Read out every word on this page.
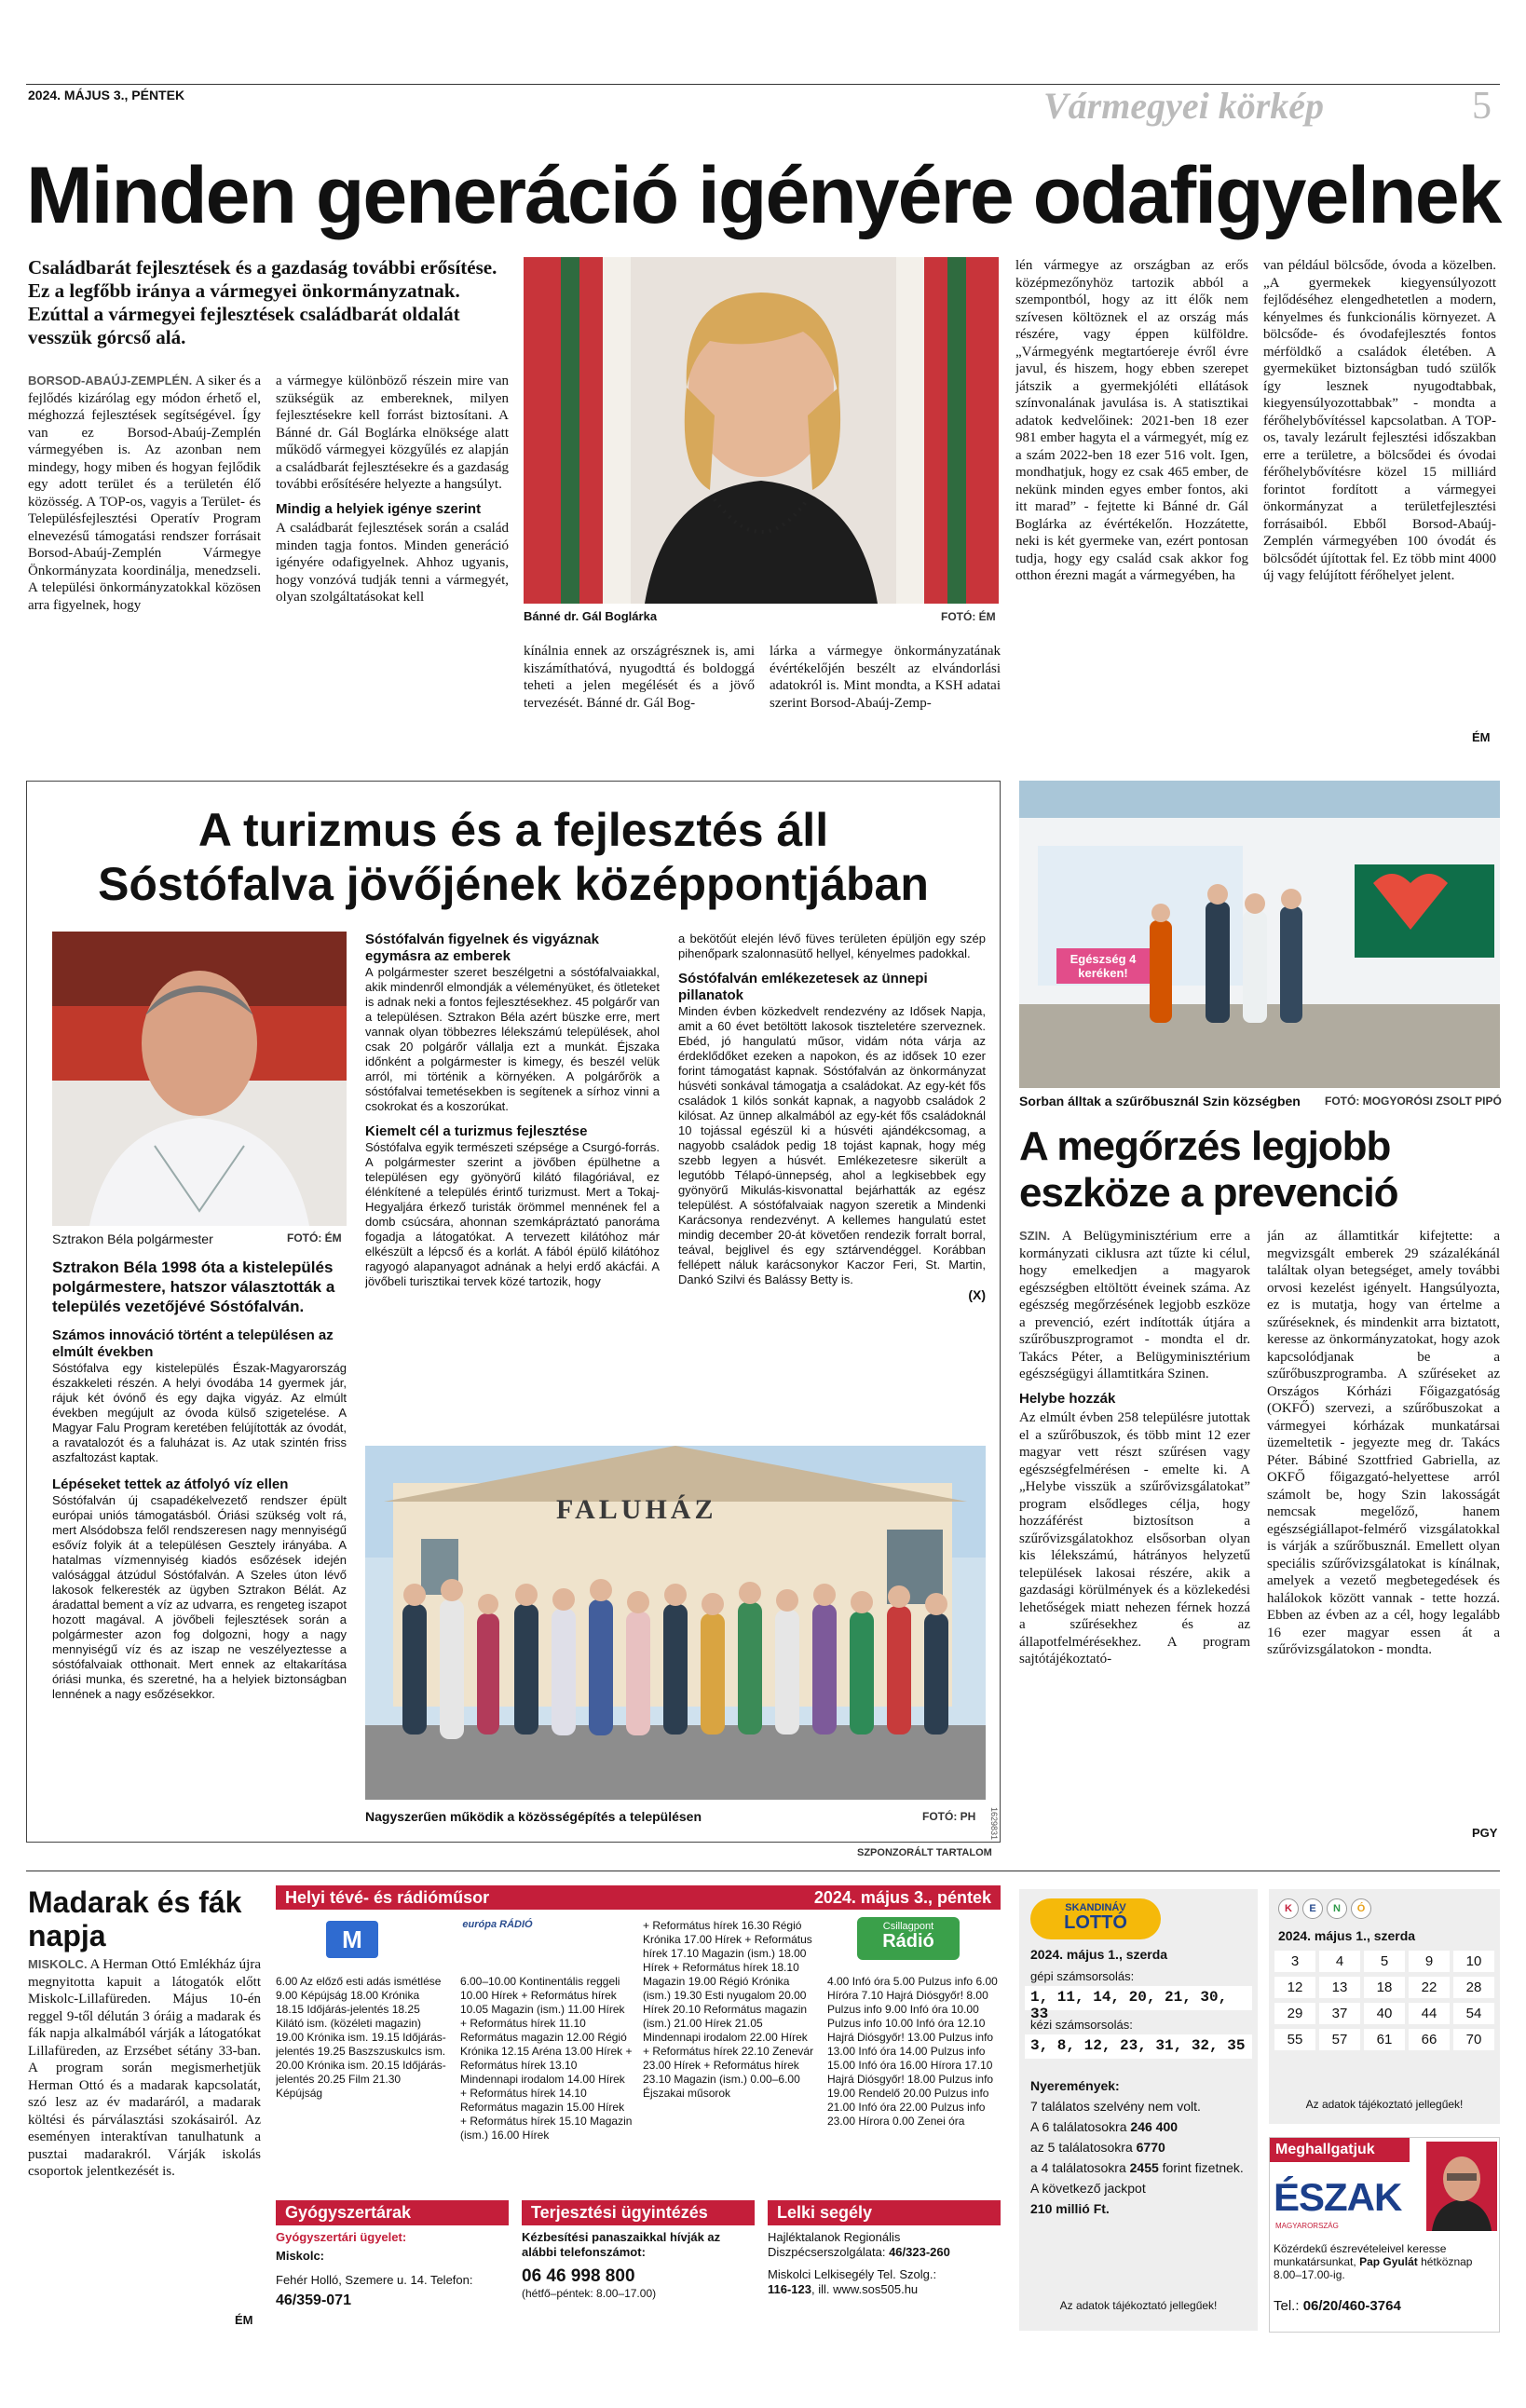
2024. MÁJUS 3., PÉNTEK	Vármegyei körkép	5
Minden generáció igényére odafigyelnek
Családbarát fejlesztések és a gazdaság további erősítése. Ez a legfőbb iránya a vármegyei önkormányzatnak. Ezúttal a vármegyei fejlesztések családbarát oldalát vesszük górcső alá.
BORSOD-ABAÚJ-ZEMPLÉN. A siker és a fejlődés kizárólag egy módon érhető el, méghozzá fejlesztések segítségével. Így van ez Borsod-Abaúj-Zemplén vármegyében is. Az azonban nem mindegy, hogy miben és hogyan fejlődik egy adott terület és a területén élő közösség. A TOP-os, vagyis a Terület- és Településfejlesztési Operatív Program elnevezésű támogatási rendszer forrásait Borsod-Abaúj-Zemplén Vármegye Önkormányzata koordinálja, menedzseli. A települési önkormányzatokkal közösen arra figyelnek, hogy
a vármegye különböző részein mire van szükségük az embereknek, milyen fejlesztésekre kell forrást biztosítani. A Bánné dr. Gál Boglárka elnöksége alatt működő vármegyei közgyűlés ez alapján a családbarát fejlesztésekre és a gazdaság további erősítésére helyezte a hangsúlyt.
Mindig a helyiek igénye szerint
A családbarát fejlesztések során a család minden tagja fontos. Minden generáció igényére odafigyelnek. Ahhoz ugyanis, hogy vonzóvá tudják tenni a vármegyét, olyan szolgáltatásokat kell
Bánné dr. Gál Boglárka	FOTÓ: ÉM
kínálnia ennek az országrésznek is, ami kiszámíthatóvá, nyugodttá és boldoggá teheti a jelen megélését és a jövő tervezését. Bánné dr. Gál Bog-
lárka a vármegye önkormányzatának évértékelőjén beszélt az elvándorlási adatokról is. Mint mondta, a KSH adatai szerint Borsod-Abaúj-Zemp-
lén vármegye az országban az erős középmezőnyhöz tartozik abból a szempontból, hogy az itt élők nem szívesen költöznek el az ország más részére, vagy éppen külföldre. „Vármegyénk megtartóereje évről évre javul, és hiszem, hogy ebben szerepet játszik a gyermekjóléti ellátások színvonalának javulása is. A statisztikai adatok kedvelőinek: 2021-ben 18 ezer 981 ember hagyta el a vármegyét, míg ez a szám 2022-ben 18 ezer 516 volt. Igen, mondhatjuk, hogy ez csak 465 ember, de nekünk minden egyes ember fontos, aki itt marad” - fejtette ki Bánné dr. Gál Boglárka az évértékelőn. Hozzátette, neki is két gyermeke van, ezért pontosan tudja, hogy egy család csak akkor fog otthon érezni magát a vármegyében, ha
van például bölcsőde, óvoda a közelben. „A gyermekek kiegyensúlyozott fejlődéséhez elengedhetetlen a modern, kényelmes és funkcionális környezet. A bölcsőde- és óvodafejlesztés fontos mérföldkő a családok életében. A gyermeküket biztonságban tudó szülők így lesznek nyugodtabbak, kiegyensúlyozottabbak” - mondta a férőhelybővítéssel kapcsolatban. A TOP-os, tavaly lezárult fejlesztési időszakban erre a területre, a bölcsődei és óvodai férőhelybővítésre közel 15 milliárd forintot fordított a vármegyei önkormányzat a területfejlesztési forrásaiból. Ebből Borsod-Abaúj-Zemplén vármegyében 100 óvodát és bölcsődét újítottak fel. Ez több mint 4000 új vagy felújított férőhelyet jelent.
ÉM
A turizmus és a fejlesztés áll
Sóstófalva jövőjének középpontjában
Sztrakon Béla polgármester	FOTÓ: ÉM
Sztrakon Béla 1998 óta a kistelepülés polgármestere, hatszor választották a település vezetőjévé Sóstófalván.
Számos innováció történt a településen az elmúlt években
Sóstófalva egy kistelepülés Észak-Magyarország északkeleti részén. A helyi óvodába 14 gyermek jár, rájuk két óvónő és egy dajka vigyáz. Az elmúlt években megújult az óvoda külső szigetelése. A Magyar Falu Program keretében felújították az óvodát, a ravatalozót és a faluházat is. Az utak szintén friss aszfaltozást kaptak.
Lépéseket tettek az átfolyó víz ellen
Sóstófalván új csapadékelvezető rendszer épült európai uniós támogatásból. Óriási szükség volt rá, mert Alsódobsza felől rendszeresen nagy mennyiségű esővíz folyik át a településen Gesztely irányába. A hatalmas vízmennyiség kiadós esőzések idején valósággal átzúdul Sóstófalván. A Szeles úton lévő lakosok felkeresték az ügyben Sztrakon Bélát. Az áradattal bement a víz az udvarra, es rengeteg iszapot hozott magával. A jövőbeli fejlesztések során a polgármester azon fog dolgozni, hogy a nagy mennyiségű víz és az iszap ne veszélyeztesse a sóstófalvaiak otthonait. Mert ennek az eltakarítása óriási munka, és szeretné, ha a helyiek biztonságban lennének a nagy esőzésekkor.
Sóstófalván figyelnek és vigyáznak egymásra az emberek
A polgármester szeret beszélgetni a sóstófalvaiakkal, akik mindenről elmondják a véleményüket, és ötleteket is adnak neki a fontos fejlesztésekhez. 45 polgárőr van a településen. Sztrakon Béla azért büszke erre, mert vannak olyan többezres lélekszámú települések, ahol csak 20 polgárőr vállalja ezt a munkát. Éjszaka időnként a polgármester is kimegy, és beszél velük arról, mi történik a környéken. A polgárőrök a sóstófalvai temetésekben is segítenek a sírhoz vinni a csokrokat és a koszorúkat.
Kiemelt cél a turizmus fejlesztése
Sóstófalva egyik természeti szépsége a Csurgó-forrás. A polgármester szerint a jövőben épülhetne a településen egy gyönyörű kilátó filagóriával, ez élénkítené a település érintő turizmust. Mert a Tokaj-Hegyaljára érkező turisták örömmel mennének fel a domb csúcsára, ahonnan szemkápráztató panoráma fogadja a látogatókat. A tervezett kilátóhoz már elkészült a lépcső és a korlát. A fából épülő kilátóhoz ragyogó alapanyagot adnának a helyi erdő akácfái. A jövőbeli turisztikai tervek közé tartozik, hogy
a bekötőút elején lévő füves területen épüljön egy szép pihenőpark szalonnasütő hellyel, kényelmes padokkal.
Sóstófalván emlékezetesek az ünnepi pillanatok
Minden évben közkedvelt rendezvény az Idősek Napja, amit a 60 évet betöltött lakosok tiszteletére szerveznek. Ebéd, jó hangulatú műsor, vidám nóta várja az érdeklődőket ezeken a napokon, és az idősek 10 ezer forint támogatást kapnak. Sóstófalván az önkormányzat húsvéti sonkával támogatja a családokat. Az egy-két fős családok 1 kilós sonkát kapnak, a nagyobb családok 2 kilósat. Az ünnep alkalmából az egy-két fős családoknál 10 tojással egészül ki a húsvéti ajándékcsomag, a nagyobb családok pedig 18 tojást kapnak, hogy még szebb legyen a húsvét. Emlékezetesre sikerült a legutóbb Télapó-ünnepség, ahol a legkisebbek egy gyönyörű Mikulás-kisvonattal bejárhatták az egész települést. A sóstófalvaiak nagyon szeretik a Mindenki Karácsonya rendezvényt. A kellemes hangulatú estet mindig december 20-át követően rendezik forralt borral, teával, bejglivel és egy sztárvendéggel. Korábban fellépett náluk karácsonykor Kaczor Feri, St. Martin, Dankó Szilvi és Balássy Betty is.
(X)
FALUHÁZ
Nagyszerűen működik a közösségépítés a településen	FOTÓ: PH 1629831
SZPONZORÁLT TARTALOM
Egészség 4 kerékenǃ
Sorban álltak a szűrőbusznál Szin községben FOTÓ: MOGYORÓSI ZSOLT PIPÓ
A megőrzés legjobb
eszköze a prevenció
SZIN. A Belügyminisztérium erre a kormányzati ciklusra azt tűzte ki célul, hogy emelkedjen a magyarok egészségben eltöltött éveinek száma. Az egészség megőrzésének legjobb eszköze a prevenció, ezért indították útjára a szűrőbuszprogramot - mondta el dr. Takács Péter, a Belügyminisztérium egészségügyi államtitkára Szinen.
Helybe hozzák
Az elmúlt évben 258 településre jutottak el a szűrőbuszok, és több mint 12 ezer magyar vett részt szűrésen vagy egészségfelmérésen - emelte ki. A „Helybe visszük a szűrővizsgálatokat” program elsődleges célja, hogy hozzáférést biztosítson a szűrővizsgálatokhoz elsősorban olyan kis lélekszámú, hátrányos helyzetű települések lakosai részére, akik a gazdasági körülmények és a közlekedési lehetőségek miatt nehezen férnek hozzá a szűrésekhez és az állapotfelmérésekhez. A program sajtótájékoztató-
ján az államtitkár kifejtette: a megvizsgált emberek 29 százalékánál találtak olyan betegséget, amely további orvosi kezelést igényelt. Hangsúlyozta, ez is mutatja, hogy van értelme a szűréseknek, és mindenkit arra biztatott, keresse az önkormányzatokat, hogy azok kapcsolódjanak be a szűrőbuszprogramba. A szűréseket az Országos Kórházi Főigazgatóság (OKFŐ) szervezi, a szűrőbuszokat a vármegyei kórházak munkatársai üzemeltetik - jegyezte meg dr. Takács Péter. Bábiné Szottfried Gabriella, az OKFŐ főigazgató-helyettese arról számolt be, hogy Szin lakosságát nemcsak megelőző, hanem egészségiállapot-felmérő vizsgálatokkal is várják a szűrőbusznál. Emellett olyan speciális szűrővizsgálatokat is kínálnak, amelyek a vezető megbetegedések és halálokok között vannak - tette hozzá. Ebben az évben az a cél, hogy legalább 16 ezer magyar essen át a szűrővizsgálatokon - mondta.
PGY
Madarak és fák napja
MISKOLC. A Herman Ottó Emlékház újra megnyitotta kapuit a látogatók előtt Miskolc-Lillafüreden. Május 10-én reggel 9-től délután 3 óráig a madarak és fák napja alkalmából várják a látogatókat Lillafüreden, az Erzsébet sétány 33-ban. A program során megismerhetjük Herman Ottó és a madarak kapcsolatát, szó lesz az év madaráról, a madarak költési és párválasztási szokásairól. Az eseményen interaktívan tanulhatunk a pusztai madarakról. Várják iskolás csoportok jelentkezését is.
ÉM
Helyi tévé- és rádióműsor	2024. május 3., péntek
M
európa RÁDIÓ	Csillagpont
Rádió
6.00 Az előző esti adás ismétlése 9.00 Képújság 18.00 Krónika 18.15 Időjárás-jelentés 18.25 Kilátó ism. (közéleti magazin) 19.00 Krónika ism. 19.15 Időjárás-jelentés 19.25 Baszszuskulcs ism. 20.00 Krónika ism. 20.15 Időjárás-jelentés 20.25 Film 21.30 Képújság
6.00–10.00 Kontinentális reggeli 10.00 Hírek + Református hírek 10.05 Magazin (ism.) 11.00 Hírek + Református hírek 11.10 Református magazin 12.00 Régió Krónika 12.15 Aréna 13.00 Hírek + Református hírek 13.10 Mindennapi irodalom 14.00 Hírek + Református hírek 14.10 Református magazin 15.00 Hírek + Református hírek 15.10 Magazin (ism.) 16.00 Hírek
+ Református hírek 16.30 Régió Krónika 17.00 Hírek + Református hírek 17.10 Magazin (ism.) 18.00 Hírek + Református hírek 18.10 Magazin 19.00 Régió Krónika (ism.) 19.30 Esti nyugalom 20.00 Hírek 20.10 Református magazin (ism.) 21.00 Hírek 21.05 Mindennapi irodalom 22.00 Hírek + Református hírek 22.10 Zenevár 23.00 Hírek + Református hírek 23.10 Magazin (ism.) 0.00–6.00 Éjszakai műsorok
4.00 Infó óra 5.00 Pulzus info 6.00 Híróra 7.10 Hajrá Diósgyőr! 8.00 Pulzus info 9.00 Infó óra 10.00 Pulzus info 10.00 Infó óra 12.10 Hajrá Diósgyőr! 13.00 Pulzus info 13.00 Infó óra 14.00 Pulzus info 15.00 Infó óra 16.00 Hírora 17.10 Hajrá Diósgyőr! 18.00 Pulzus info 19.00 Rendelő 20.00 Pulzus info 21.00 Infó óra 22.00 Pulzus info 23.00 Hírora 0.00 Zenei óra
Gyógyszertárak
Gyógyszertári ügyelet:
Miskolc:
Fehér Holló, Szemere u. 14. Telefon:
46/359-071
Terjesztési ügyintézés
Kézbesítési panaszaikkal hívják az alábbi telefonszámot:
06 46 998 800
(hétfő–péntek: 8.00–17.00)
Lelki segély
Hajléktalanok Regionális
Diszpécserszolgálata: 46/323-260
Miskolci Lelkisegély Tel. Szolg.:
116-123, ill. www.sos505.hu
SKANDINÁV
LOTTÓ
2024. május 1., szerda
gépi számsorsolás:
1, 11, 14, 20, 21, 30, 33
kézi számsorsolás:
3, 8, 12, 23, 31, 32, 35
Nyeremények:
7 találatos szelvény nem volt.
A 6 találatosokra 246 400
az 5 találatosokra 6770
a 4 találatosokra 2455 forint fizetnek.
A következő jackpot
210 millió Ft.
Az adatok tájékoztató jellegűek!
K	E	N	Ó
2024. május 1., szerda
3	4	5	9	10
12	13	18	22	28
29	37	40	44	54
55	57	61	66	70
Az adatok tájékoztató jellegűek!
Meghallgatjuk
ÉSZAK
MAGYARORSZÁG
Közérdekű észrevételeivel keresse munkatársunkat, Pap Gyulát hétköznap 8.00–17.00-ig.
Tel.: 06/20/460-3764
